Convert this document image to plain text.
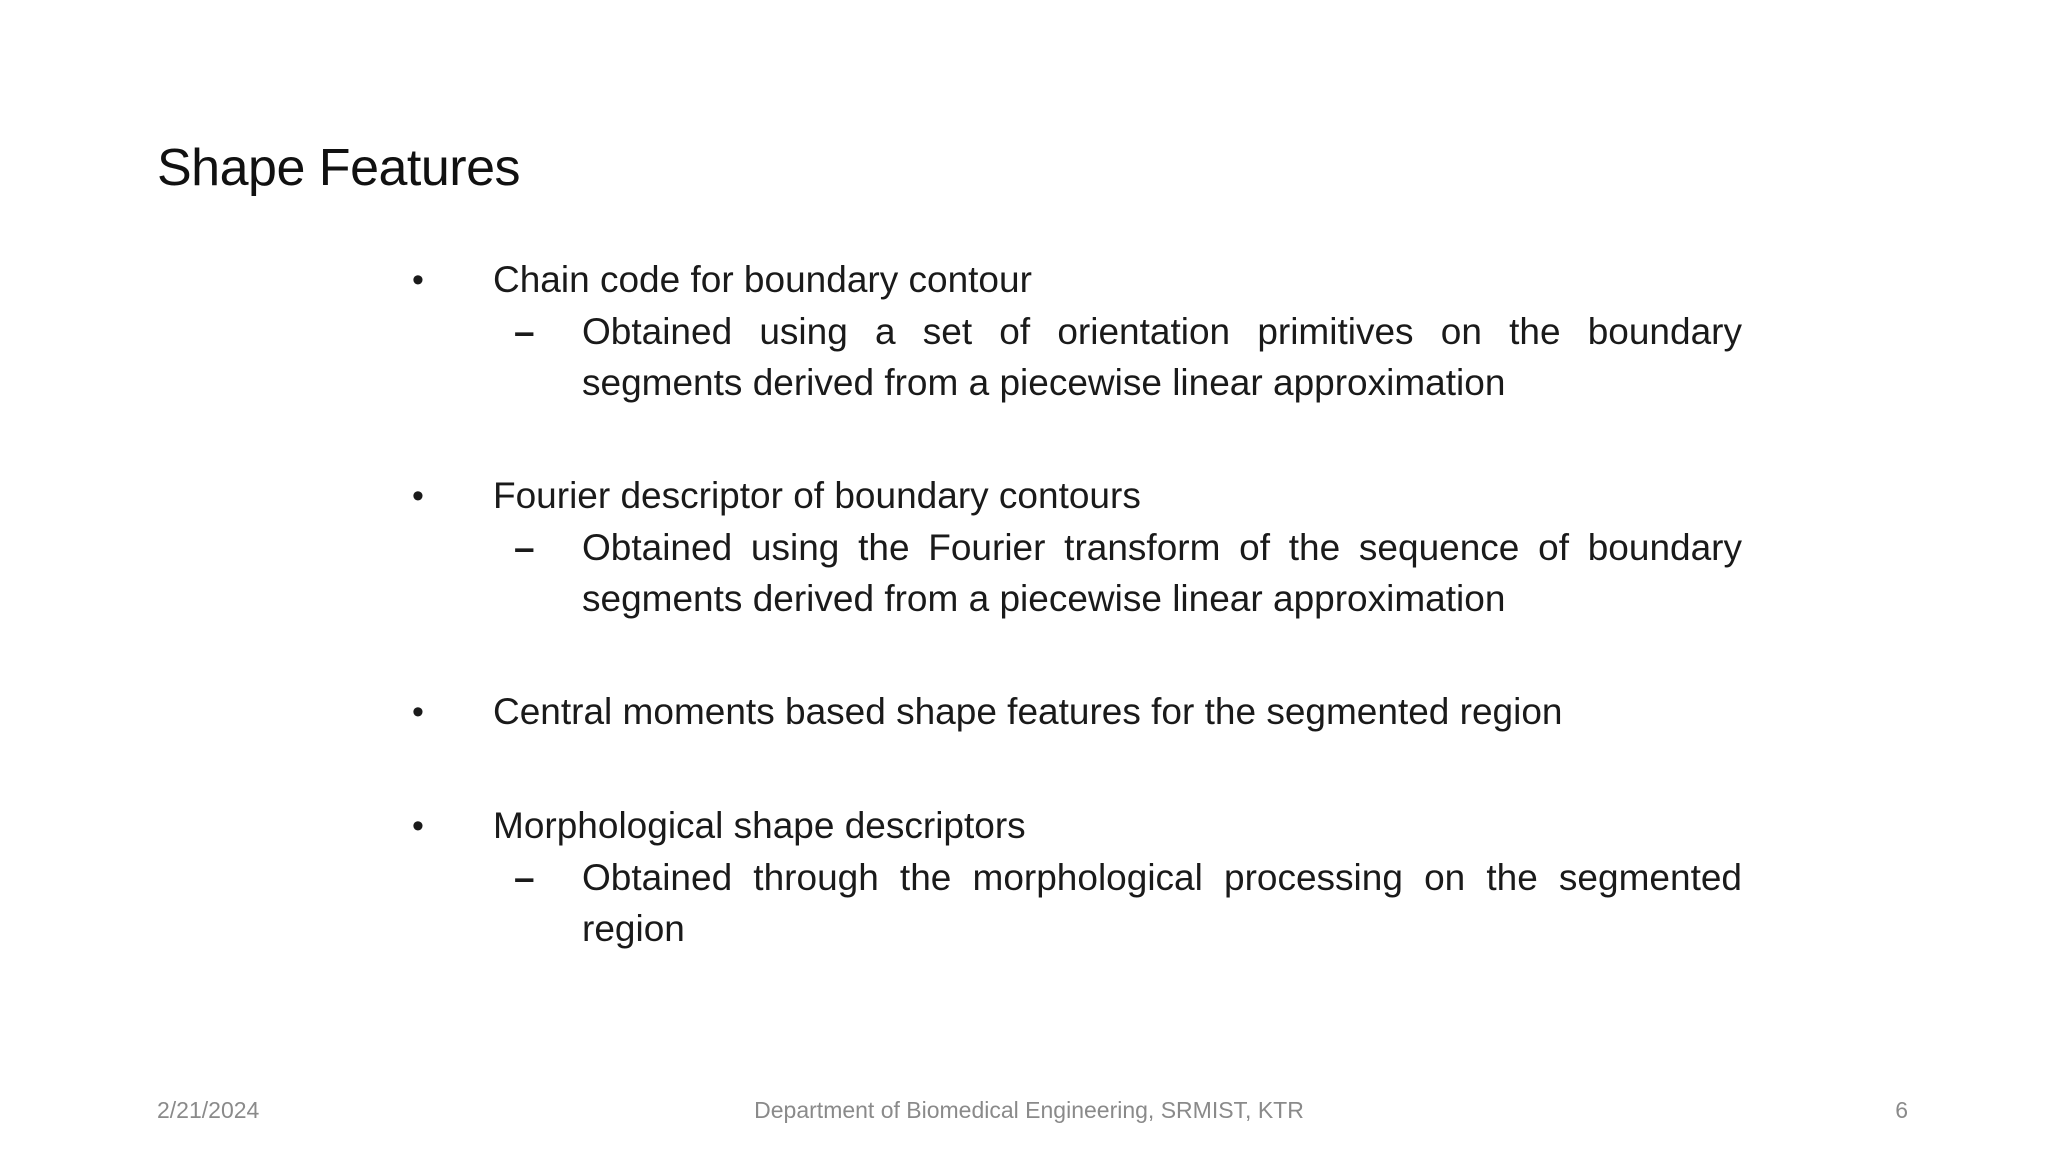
Shape Features
• Chain code for boundary contour
– Obtained using a set of orientation primitives on the boundary segments derived from a piecewise linear approximation

• Fourier descriptor of boundary contours
– Obtained using the Fourier transform of the sequence of boundary segments derived from a piecewise linear approximation

• Central moments based shape features for the segmented region
• Morphological shape descriptors
– Obtained through the morphological processing on the segmented region

2/21/2024	Department of Biomedical Engineering, SRMIST, KTR	6
